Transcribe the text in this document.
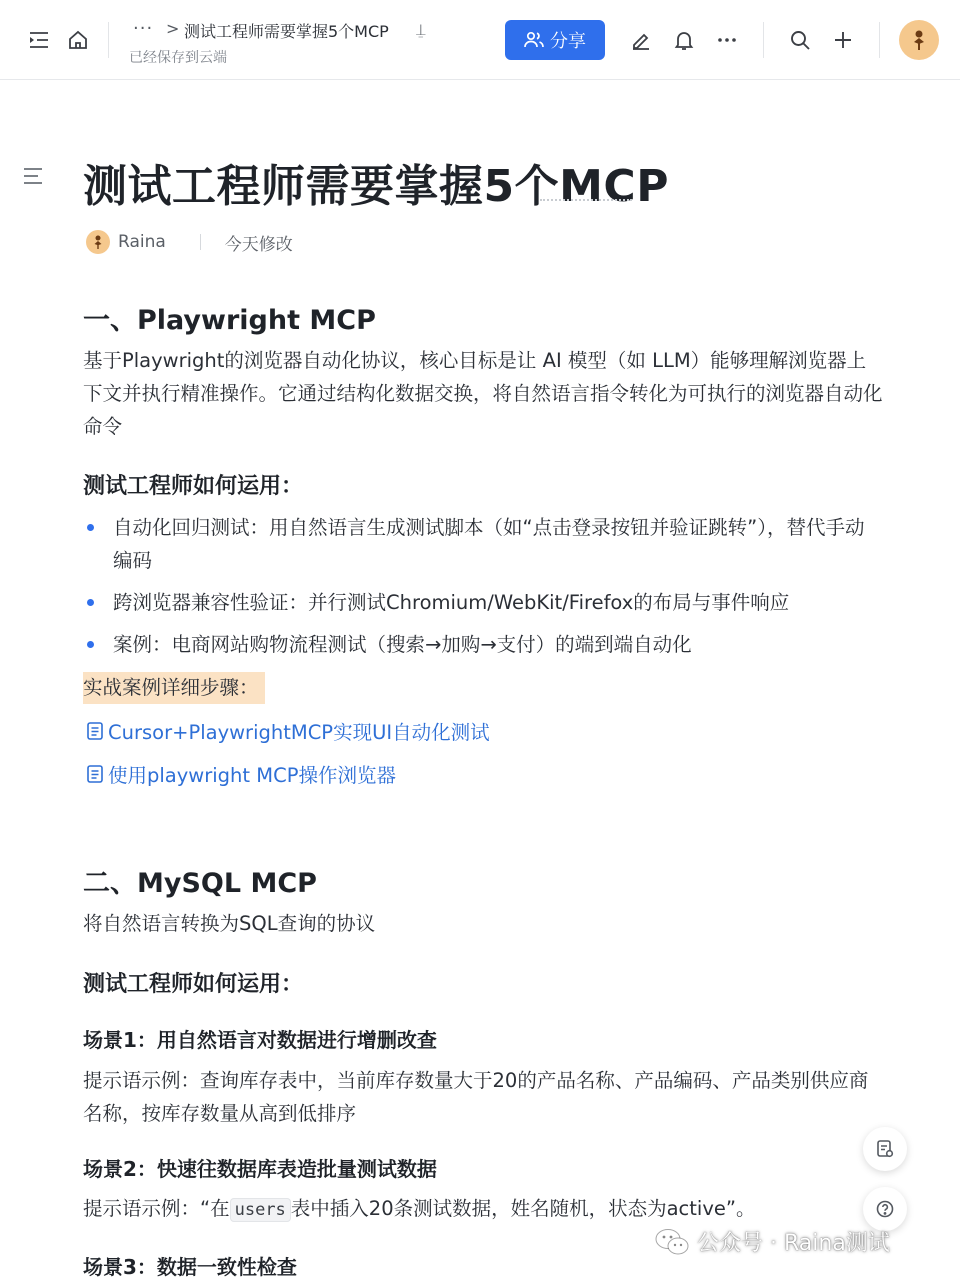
··· > 测试工程师需要掌握5个MCP ⍊
已经保存到云端
分享
测试工程师需要掌握5个MCP
Raina	今天修改
一、Playwright MCP

基于Playwright的浏览器自动化协议，核心目标是让 AI 模型（如 LLM）能够理解浏览器上下文并执行精准操作。它通过结构化数据交换，将自然语言指令转化为可执行的浏览器自动化命令

测试工程师如何运用：
自动化回归测试：用自然语言生成测试脚本（如“点击登录按钮并验证跳转”），替代手动编码
跨浏览器兼容性验证：并行测试Chromium/WebKit/Firefox的布局与事件响应
案例：电商网站购物流程测试（搜索→加购→支付）的端到端自动化
实战案例详细步骤：
Cursor+PlaywrightMCP实现UI自动化测试
使用playwright MCP操作浏览器
二、MySQL MCP

将自然语言转换为SQL查询的协议

测试工程师如何运用：
场景1：用自然语言对数据进行增删改查

提示语示例：查询库存表中，当前库存数量大于20的产品名称、产品编码、产品类别供应商名称，按库存数量从高到低排序

场景2：快速往数据库表造批量测试数据

提示语示例：“在 users 表中插入20条测试数据，姓名随机，状态为active”。

场景3：数据一致性检查
公众号 · Raina测试
